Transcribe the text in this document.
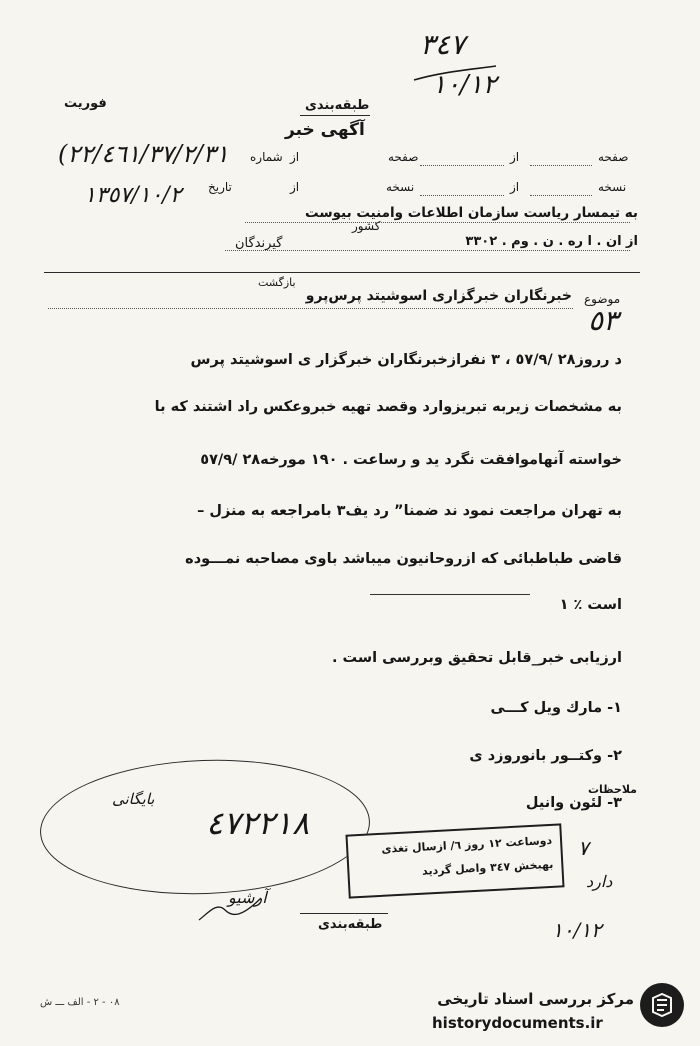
٣٤٧
١٠/١٢
فوریت	طبقه‌بندی
آگهی خبر
صفحه
از
صفحه
از
شماره
(٢٢/٤٦١/٣٧/٢/٣١
نسخه
از
نسخه
از
تاریخ
١٣٥٧/١٠/٢
به تیمسار ریاست سازمان اطلاعات وامنیت بیوست
کشور
از ان . ا ره . ن . وم . ٣٣٠٢
گیرندگان
بازگشت
موضوع
خبرنگاران خبرگزاری اسوشیتد پرس‌پرو
٥٣
د رروز٢٨ /٥٧/٩ ، ٣ نفرازخبرنگاران خبرگزار ی اسوشیتد پرس
به مشخصات زیربه تبریزوارد وقصد تهیه خبروعکس راد اشتند که با
خواسته آنهاموافقت نگرد ید و رساعت . ١٩٠ مورخه٢٨ /٥٧/٩
به تهران مراجعت نمود ند ضمنا” رد یف٣ بامراجعه به منزل –
قاضی طباطبائی که ازروحانیون میباشد باوی مصاحبه نمـــوده
است ٪ ١
ارزیابی خبر_قابل تحقیق وبررسی است .
١- مارك ویل کـــی
٢- وکتــور بانوروزد ی
ملاحظات
٣- لئون وانیل
٤٧٢٢١٨
بایگانی
دوساعت ١٢ روز ٦/ ازسال تغذی
بهبخش ٣٤٧ واصل گردید
٧
دارد
١٠/١٢
آرشیو
طبقه‌بندی
٠٨ - ٢ - الف ـــ ش	مرکز بررسی اسناد تاریخی
historydocuments.ir
